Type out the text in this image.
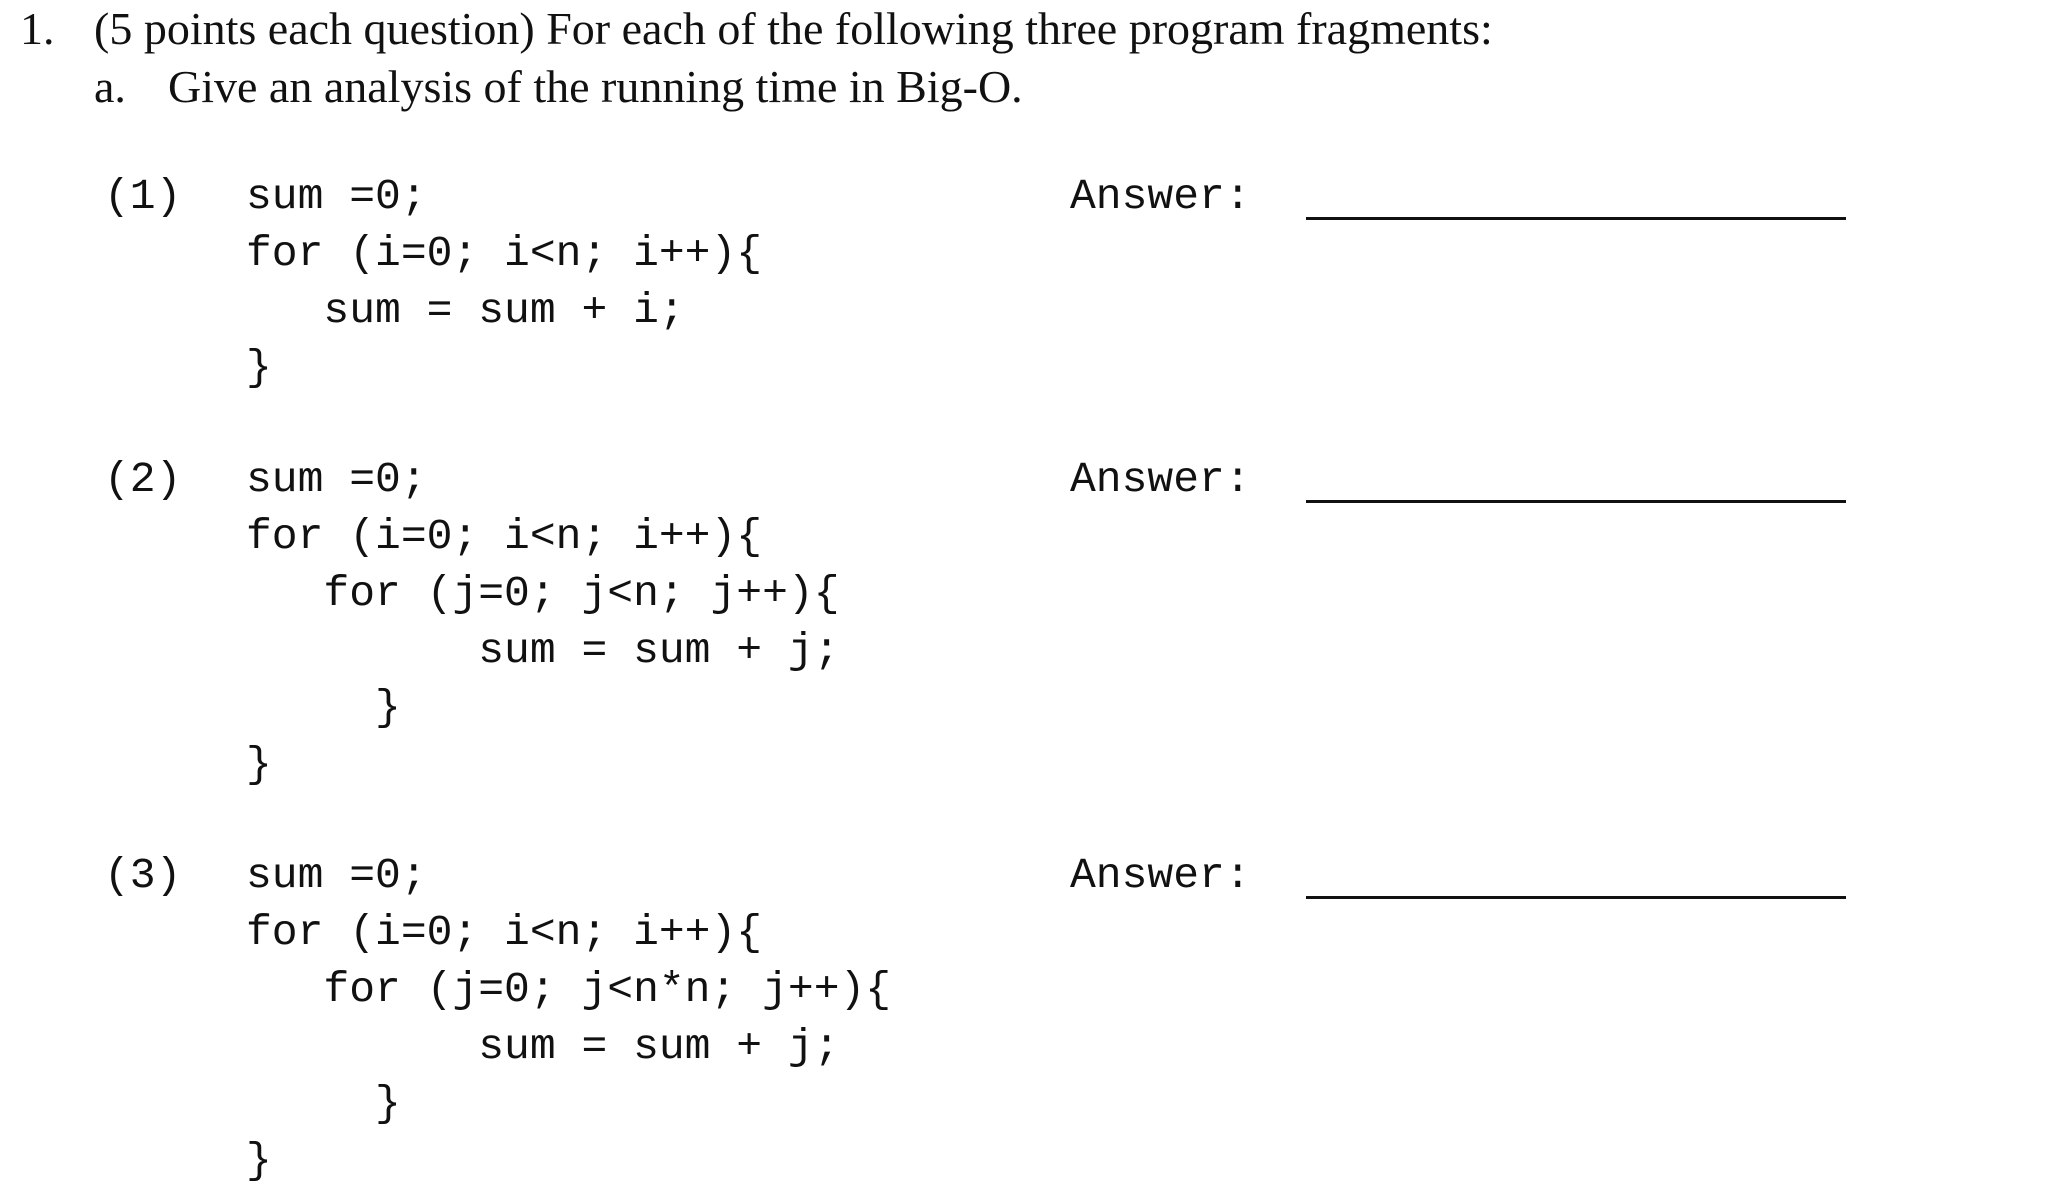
1. (5 points each question) For each of the following three program fragments:
a. Give an analysis of the running time in Big-O.
(1) sum =0;
for (i=0; i<n; i++){
sum = sum + i;
}
Answer:
(2) sum =0;
for (i=0; i<n; i++){
for (j=0; j<n; j++){
sum = sum + j;
}
}
Answer:
(3) sum =0;
for (i=0; i<n; i++){
for (j=0; j<n*n; j++){
sum = sum + j;
}
}
Answer:
